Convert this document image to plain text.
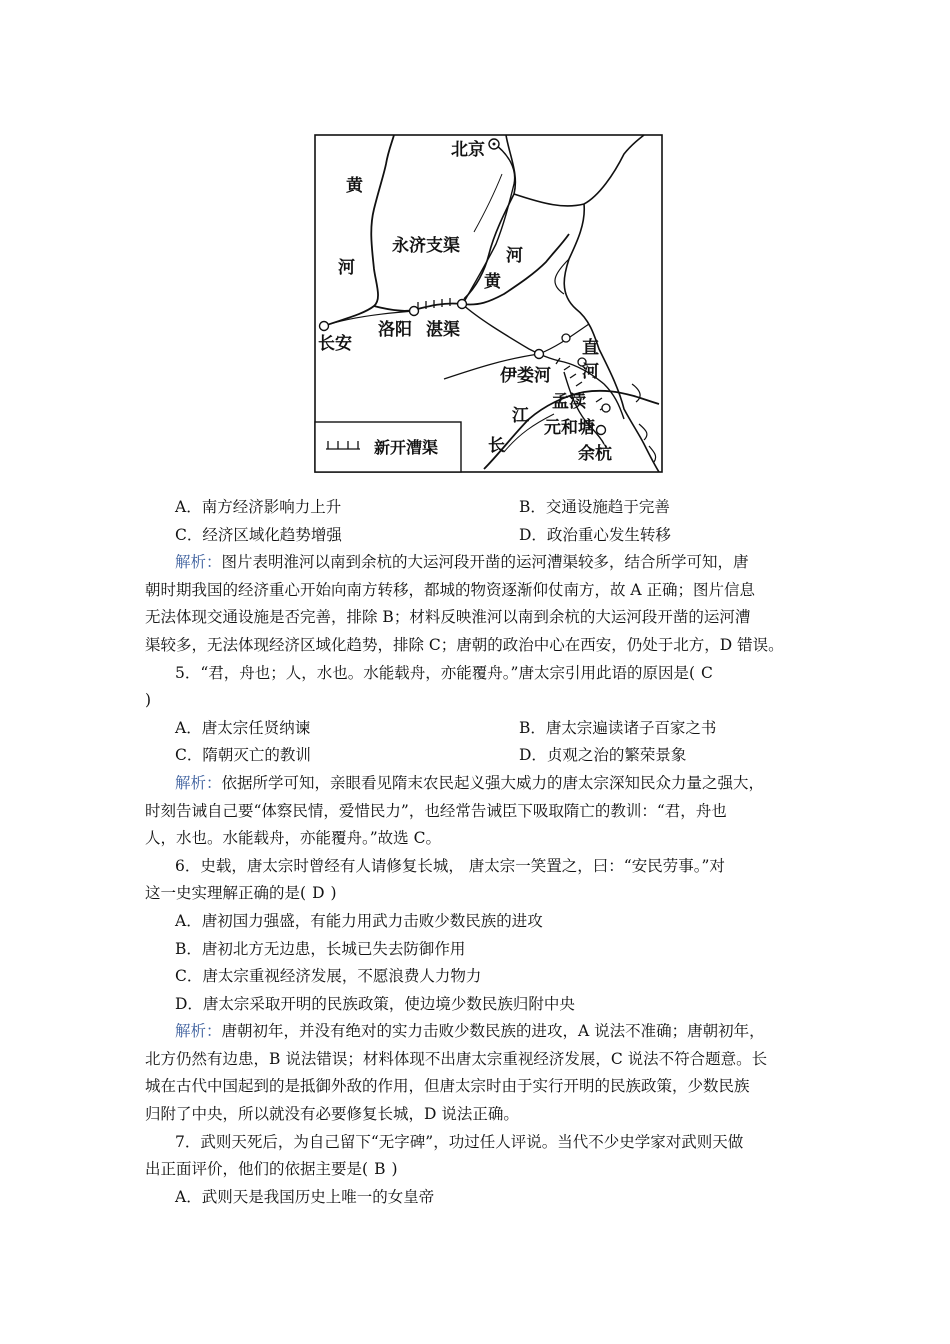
北京
黄
河
永济支渠	河
黄
长安
洛阳 湛渠
直
河
伊娄河
孟渎
江
元和塘
长	余杭
新开漕渠
A．南方经济影响力上升	B．交通设施趋于完善
C．经济区域化趋势增强	D．政治重心发生转移
解析：图片表明淮河以南到余杭的大运河段开凿的运河漕渠较多，结合所学可知，唐
朝时期我国的经济重心开始向南方转移，都城的物资逐渐仰仗南方，故 A 正确；图片信息
无法体现交通设施是否完善，排除 B；材料反映淮河以南到余杭的大运河段开凿的运河漕
渠较多，无法体现经济区域化趋势，排除 C；唐朝的政治中心在西安，仍处于北方，D 错误。
5．“君，舟也；人，水也。水能载舟，亦能覆舟。”唐太宗引用此语的原因是( C
)
A．唐太宗任贤纳谏	B．唐太宗遍读诸子百家之书
C．隋朝灭亡的教训	D．贞观之治的繁荣景象
解析：依据所学可知，亲眼看见隋末农民起义强大威力的唐太宗深知民众力量之强大，
时刻告诫自己要“体察民情，爱惜民力”，也经常告诫臣下吸取隋亡的教训：“君，舟也
人，水也。水能载舟，亦能覆舟。”故选 C。
6．史载，唐太宗时曾经有人请修复长城， 唐太宗一笑置之，曰：“安民劳事。”对
这一史实理解正确的是( D )
A．唐初国力强盛，有能力用武力击败少数民族的进攻
B．唐初北方无边患，长城已失去防御作用
C．唐太宗重视经济发展，不愿浪费人力物力
D．唐太宗采取开明的民族政策，使边境少数民族归附中央
解析：唐朝初年，并没有绝对的实力击败少数民族的进攻，A 说法不准确；唐朝初年，
北方仍然有边患，B 说法错误；材料体现不出唐太宗重视经济发展，C 说法不符合题意。长
城在古代中国起到的是抵御外敌的作用，但唐太宗时由于实行开明的民族政策，少数民族
归附了中央，所以就没有必要修复长城，D 说法正确。
7．武则天死后，为自己留下“无字碑”，功过任人评说。当代不少史学家对武则天做
出正面评价，他们的依据主要是( B )
A．武则天是我国历史上唯一的女皇帝
